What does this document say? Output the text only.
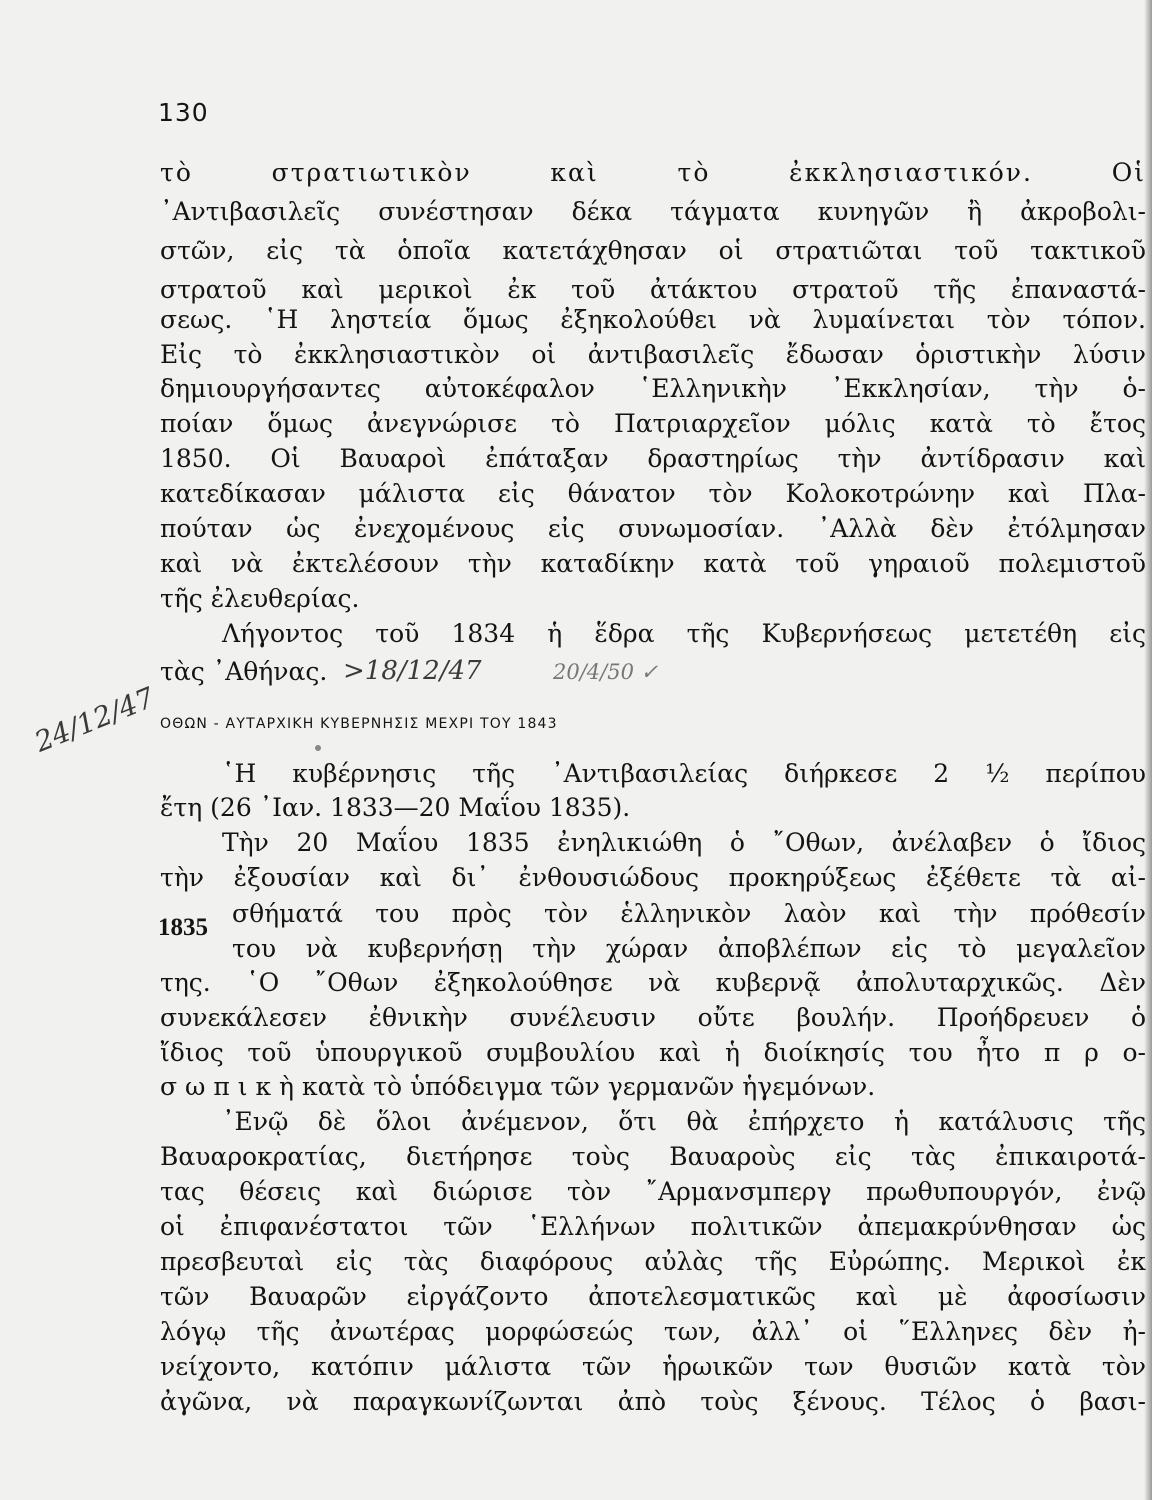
130
τὸ στρατιωτικὸν καὶ τὸ ἐκκλησιαστικόν. Οἱ
᾿Αντιβασιλεῖς συνέστησαν δέκα τάγματα κυνηγῶν ἢ ἀκροβολι-
στῶν, εἰς τὰ ὁποῖα κατετάχθησαν οἱ στρατιῶται τοῦ τακτικοῦ
στρατοῦ καὶ μερικοὶ ἐκ τοῦ ἀτάκτου στρατοῦ τῆς ἐπαναστά-
σεως. ῾Η ληστεία ὅμως ἐξηκολούθει νὰ λυμαίνεται τὸν τόπον.
Εἰς τὸ ἐκκλησιαστικὸν οἱ ἀντιβασιλεῖς ἔδωσαν ὁριστικὴν λύσιν
δημιουργήσαντες αὐτοκέφαλον ῾Ελληνικὴν ᾿Εκκλησίαν, τὴν ὁ-
ποίαν ὅμως ἀνεγνώρισε τὸ Πατριαρχεῖον μόλις κατὰ τὸ ἔτος
1850. Οἱ Βαυαροὶ ἐπάταξαν δραστηρίως τὴν ἀντίδρασιν καὶ
κατεδίκασαν μάλιστα εἰς θάνατον τὸν Κολοκοτρώνην καὶ Πλα-
πούταν ὡς ἐνεχομένους εἰς συνωμοσίαν. ᾿Αλλὰ δὲν ἐτόλμησαν
καὶ νὰ ἐκτελέσουν τὴν καταδίκην κατὰ τοῦ γηραιοῦ πολεμιστοῦ
τῆς ἐλευθερίας.
Λήγοντος τοῦ 1834 ἡ ἕδρα τῆς Κυβερνήσεως μετετέθη εἰς
τὰς ᾿Αθήνας. >18/12/47	20/4/50 ✓
24/12/47 ΟΘΩΝ - ΑΥΤΑΡΧΙΚΗ ΚΥΒΕΡΝΗΣΙΣ ΜΕΧΡΙ ΤΟΥ 1843
῾Η κυβέρνησις τῆς ᾿Αντιβασιλείας διήρκεσε 2 ½ περίπου
ἔτη (26 ᾿Ιαν. 1833—20 Μαΐου 1835).
Τὴν 20 Μαΐου 1835 ἐνηλικιώθη ὁ ῎Οθων, ἀνέλαβεν ὁ ἴδιος
τὴν ἐξουσίαν καὶ δι᾿ ἐνθουσιώδους προκηρύξεως ἐξέθετε τὰ αἰ-
σθήματά του πρὸς τὸν ἑλληνικὸν λαὸν καὶ τὴν πρόθεσίν
του νὰ κυβερνήσῃ τὴν χώραν ἀποβλέπων εἰς τὸ μεγαλεῖον
1835
της. ῾Ο ῎Οθων ἐξηκολούθησε νὰ κυβερνᾷ ἀπολυταρχικῶς. Δὲν
συνεκάλεσεν ἐθνικὴν συνέλευσιν οὔτε βουλήν. Προήδρευεν ὁ
ἴδιος τοῦ ὑπουργικοῦ συμβουλίου καὶ ἡ διοίκησίς του ἦτο π ρ ο-
σ ω π ι κ ὴ κατὰ τὸ ὑπόδειγμα τῶν γερμανῶν ἡγεμόνων.
᾿Ενῷ δὲ ὅλοι ἀνέμενον, ὅτι θὰ ἐπήρχετο ἡ κατάλυσις τῆς
Βαυαροκρατίας, διετήρησε τοὺς Βαυαροὺς εἰς τὰς ἐπικαιροτά-
τας θέσεις καὶ διώρισε τὸν ῎Αρμανσμπεργ πρωθυπουργόν, ἐνῷ
οἱ ἐπιφανέστατοι τῶν ῾Ελλήνων πολιτικῶν ἀπεμακρύνθησαν ὡς
πρεσβευταὶ εἰς τὰς διαφόρους αὐλὰς τῆς Εὐρώπης. Μερικοὶ ἐκ
τῶν Βαυαρῶν εἰργάζοντο ἀποτελεσματικῶς καὶ μὲ ἀφοσίωσιν
λόγῳ τῆς ἀνωτέρας μορφώσεώς των, ἀλλ᾿ οἱ ῞Ελληνες δὲν ἠ-
νείχοντο, κατόπιν μάλιστα τῶν ἡρωικῶν των θυσιῶν κατὰ τὸν
ἀγῶνα, νὰ παραγκωνίζωνται ἀπὸ τοὺς ξένους. Τέλος ὁ βασι-
